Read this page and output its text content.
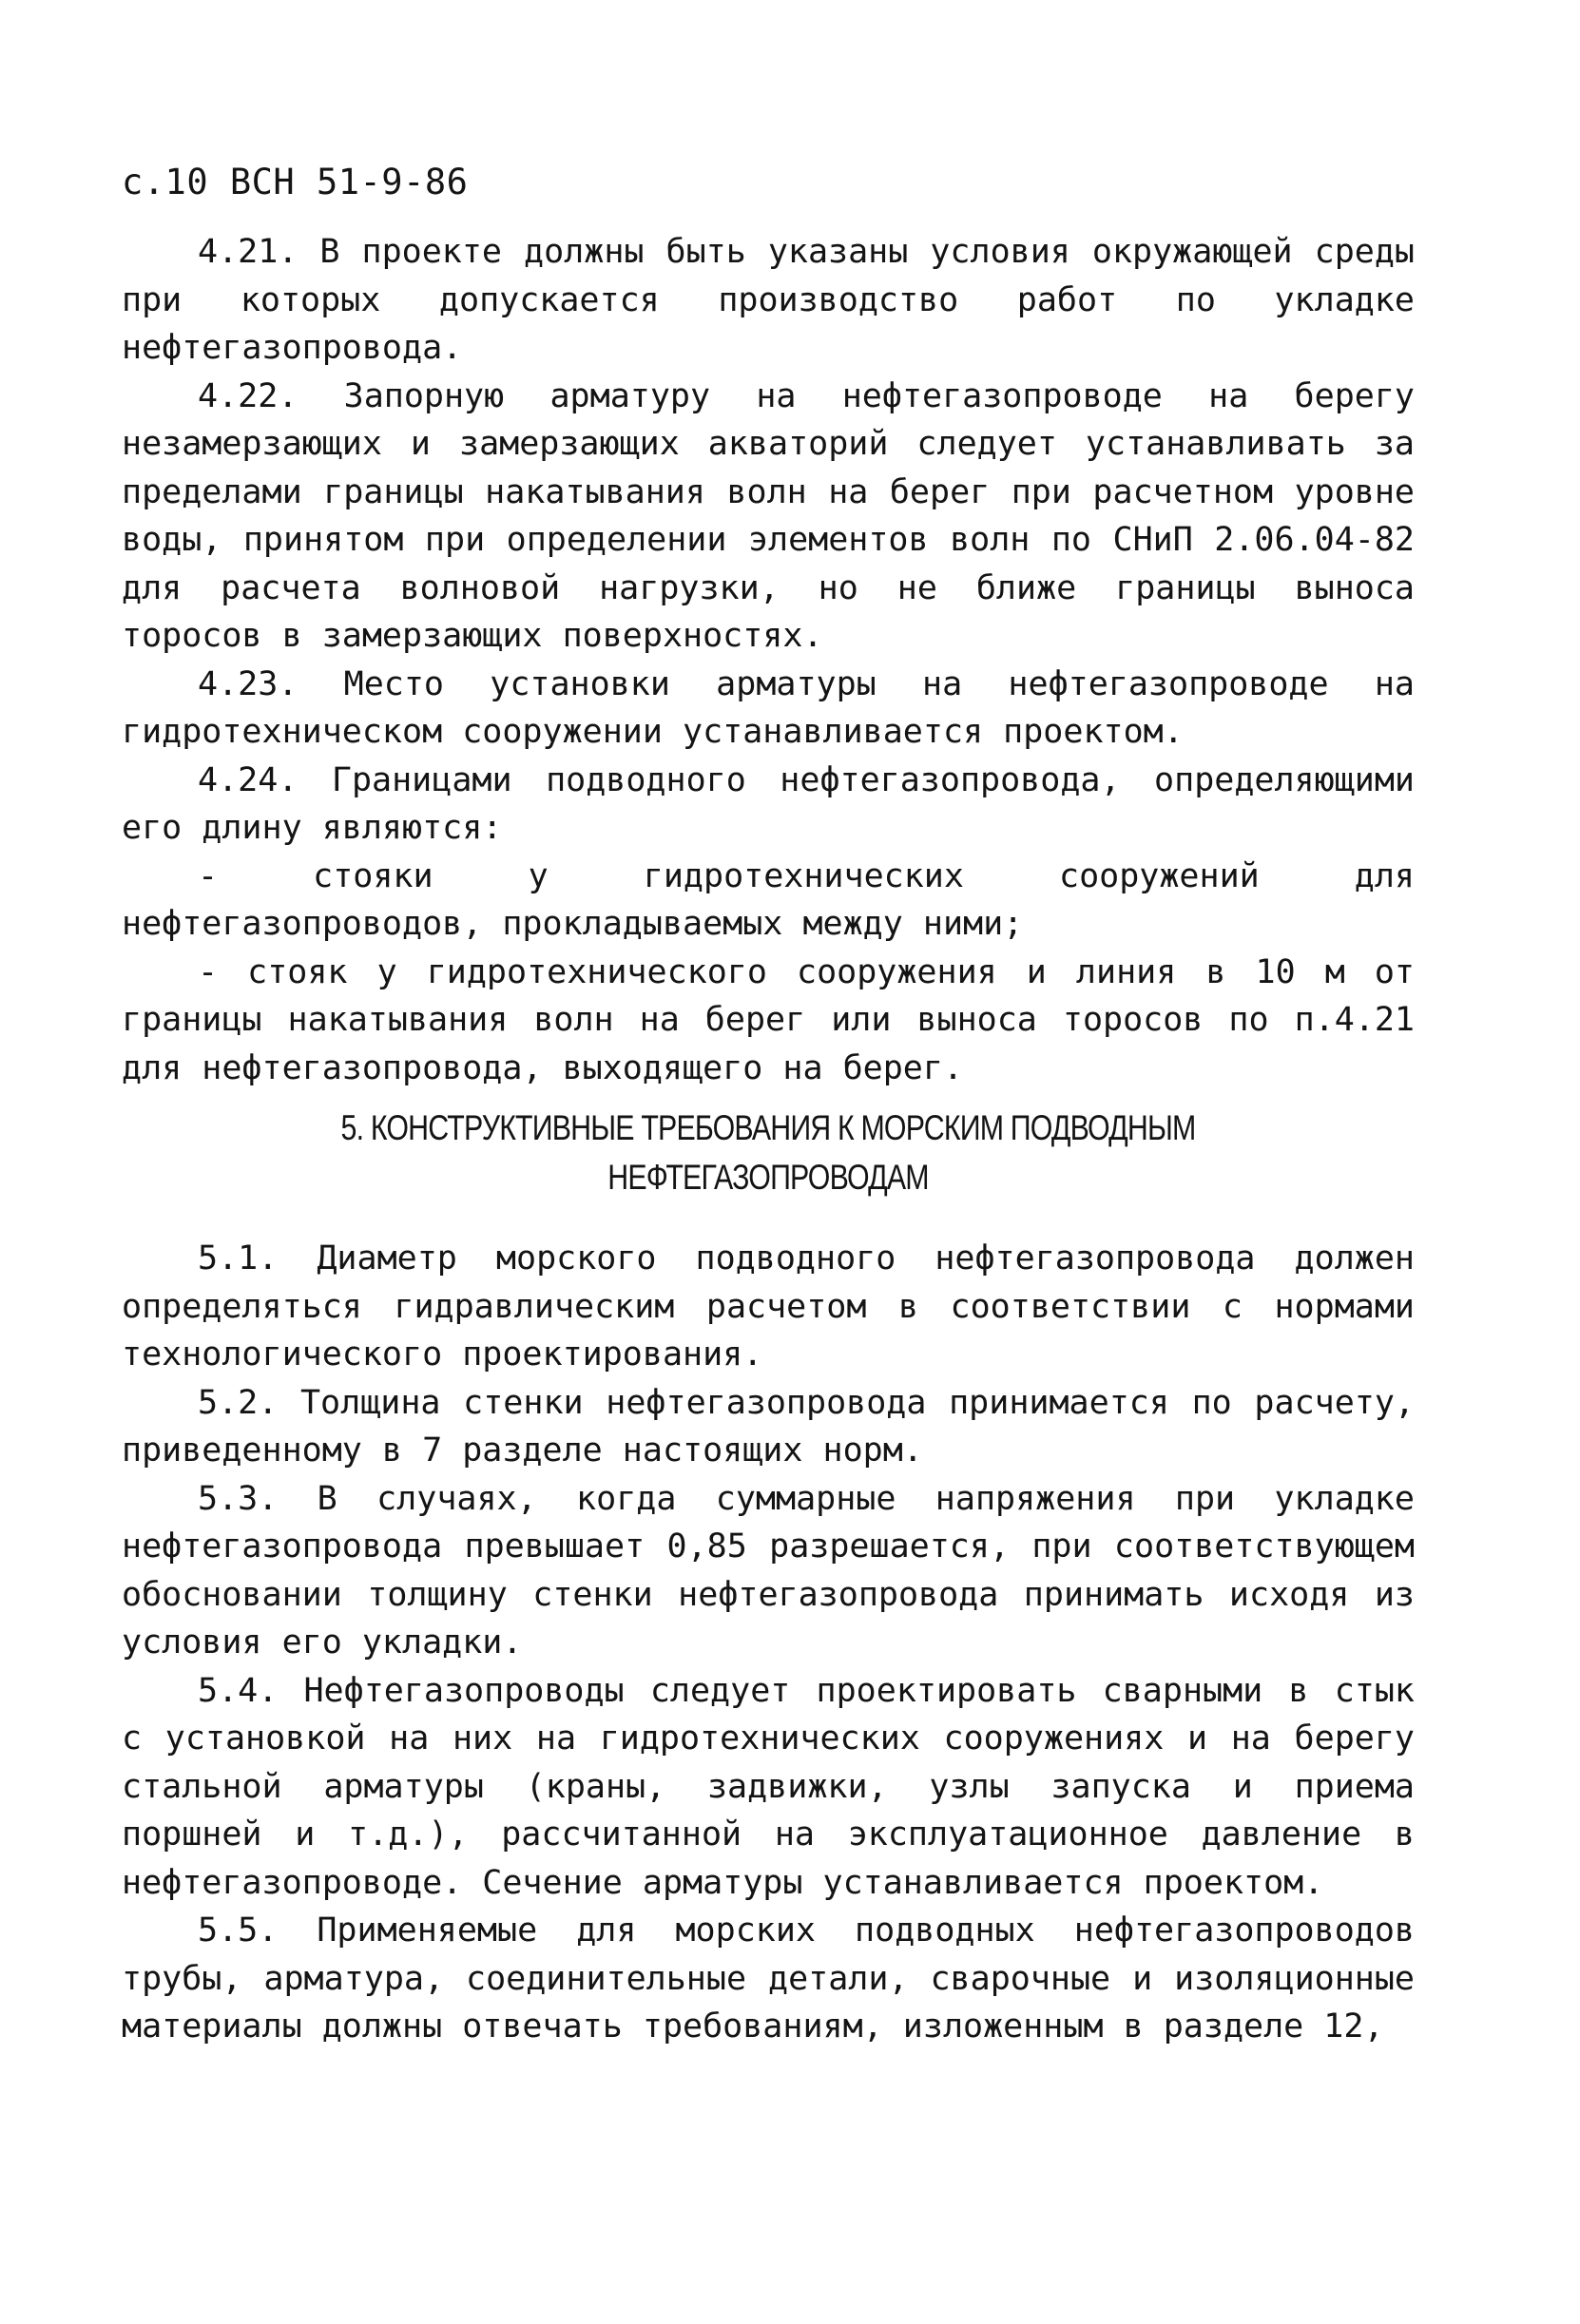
с.10 ВСН 51-9-86

4.21. В проекте должны быть указаны условия окружающей среды при которых допускается производство работ по укладке нефтегазопровода.

4.22. Запорную арматуру на нефтегазопроводе на берегу незамерзающих и замерзающих акваторий следует устанавливать за пределами границы накатывания волн на берег при расчетном уровне воды, принятом при определении элементов волн по СНиП 2.06.04-82 для расчета волновой нагрузки, но не ближе границы выноса торосов в замерзающих поверхностях.

4.23. Место установки арматуры на нефтегазопроводе на гидротехническом сооружении устанавливается проектом.

4.24. Границами подводного нефтегазопровода, определяющими его длину являются:

- стояки у гидротехнических сооружений для нефтегазопроводов, прокладываемых между ними;

- стояк у гидротехнического сооружения и линия в 10 м от границы накатывания волн на берег или выноса торосов по п.4.21 для нефтегазопровода, выходящего на берег.

5. КОНСТРУКТИВНЫЕ ТРЕБОВАНИЯ К МОРСКИМ ПОДВОДНЫМ
НЕФТЕГАЗОПРОВОДАМ

5.1. Диаметр морского подводного нефтегазопровода должен определяться гидравлическим расчетом в соответствии с нормами технологического проектирования.

5.2. Толщина стенки нефтегазопровода принимается по расчету, приведенному в 7 разделе настоящих норм.

5.3. В случаях, когда суммарные напряжения при укладке нефтегазопровода превышает 0,85 разрешается, при соответствующем обосновании толщину стенки нефтегазопровода принимать исходя из условия его укладки.

5.4. Нефтегазопроводы следует проектировать сварными в стык с установкой на них на гидротехнических сооружениях и на берегу стальной арматуры (краны, задвижки, узлы запуска и приема поршней и т.д.), рассчитанной на эксплуатационное давление в нефтегазопроводе. Сечение арматуры устанавливается проектом.

5.5. Применяемые для морских подводных нефтегазопроводов трубы, арматура, соединительные детали, сварочные и изоляционные материалы должны отвечать требованиям, изложенным в разделе 12,
